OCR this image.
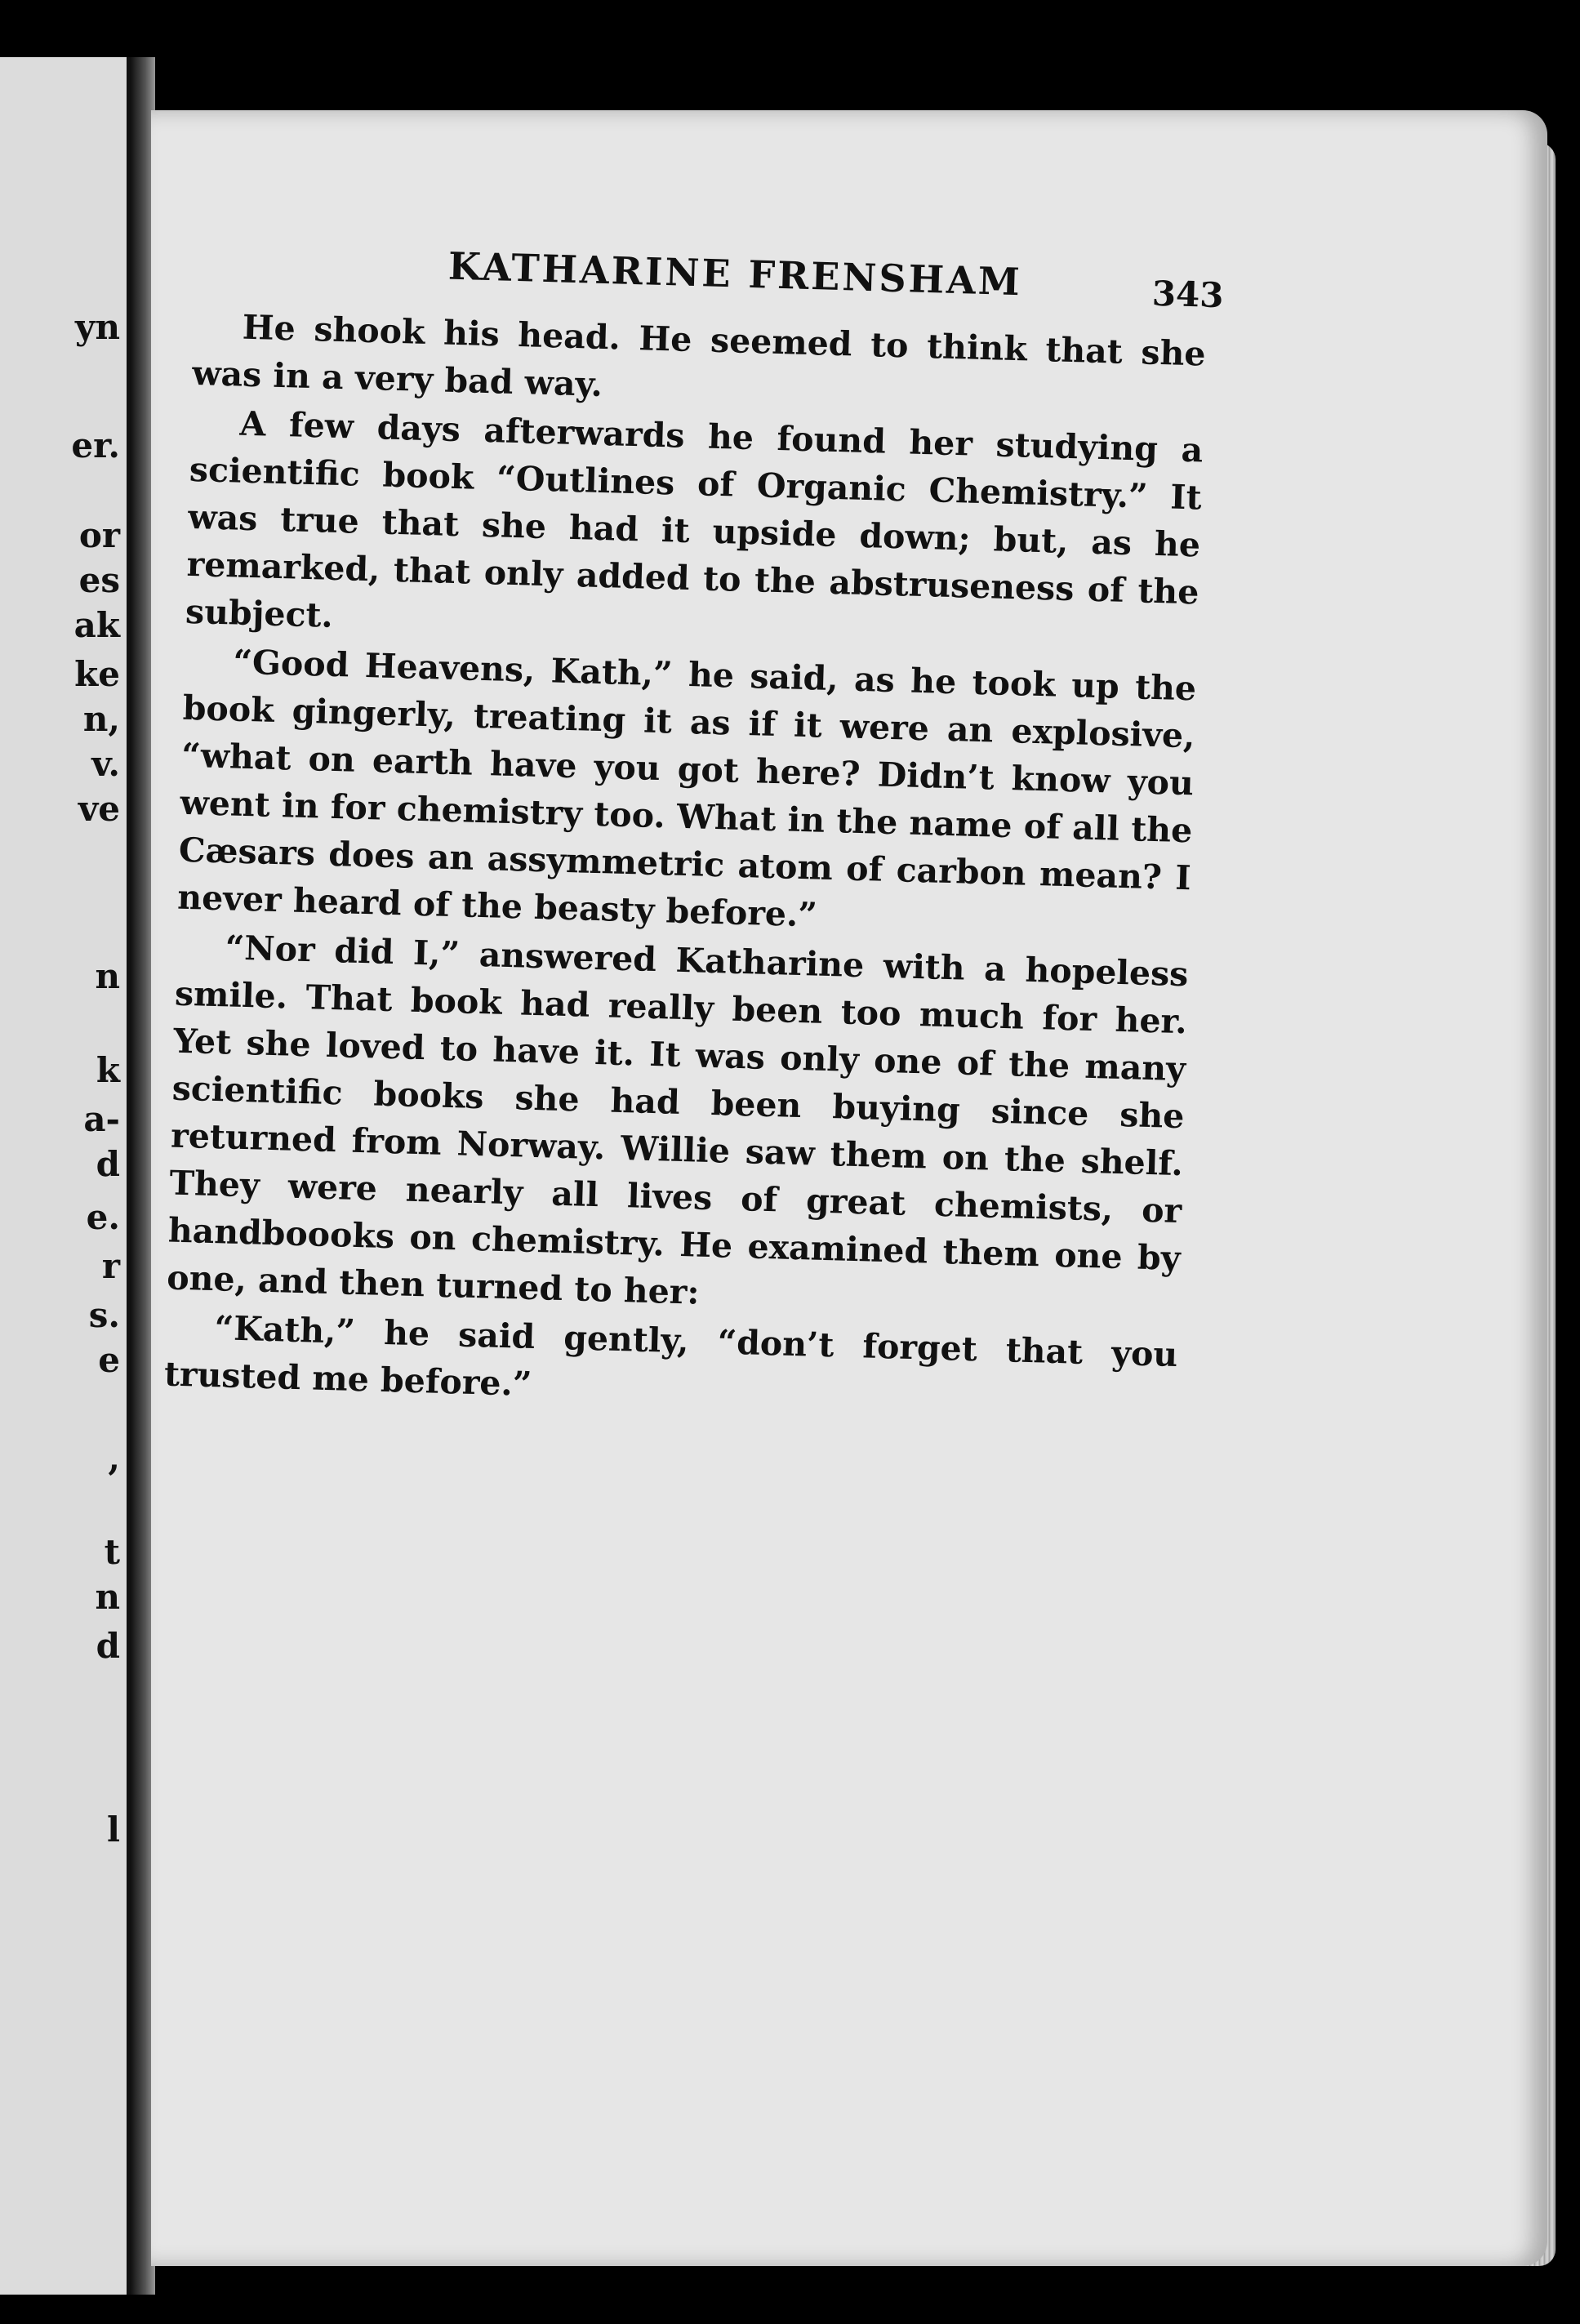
yn
er.
or
es
ak
ke
n,
v.
ve
n
k
a-
d
e.
r
s.
e
,
t
n
d
l
KATHARINE FRENSHAM	343

He shook his head. He seemed to think that she was in a very bad way.

A few days afterwards he found her studying a scientific book “Outlines of Organic Chemistry.” It was true that she had it upside down; but, as he remarked, that only added to the abstruseness of the subject.

“Good Heavens, Kath,” he said, as he took up the book gingerly, treating it as if it were an explosive, “what on earth have you got here? Didn’t know you went in for chemistry too. What in the name of all the Cæsars does an assymmetric atom of carbon mean? I never heard of the beasty before.”

“Nor did I,” answered Katharine with a hopeless smile. That book had really been too much for her. Yet she loved to have it. It was only one of the many scientific books she had been buying since she returned from Norway. Willie saw them on the shelf. They were nearly all lives of great chemists, or handboooks on chemistry. He examined them one by one, and then turned to her:

“Kath,” he said gently, “don’t forget that you trusted me before.”
